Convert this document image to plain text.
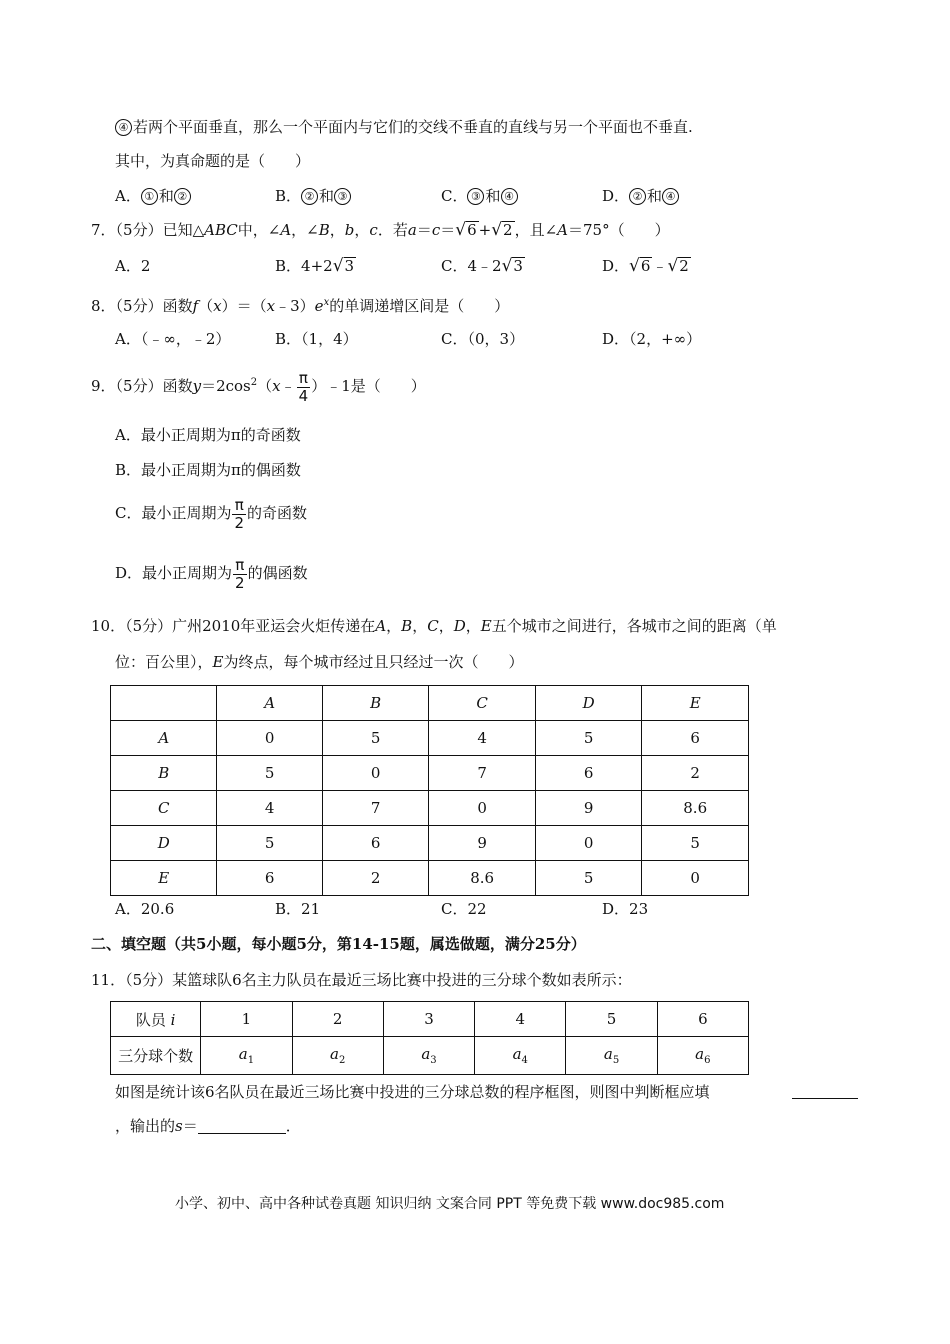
④ 若两个平面垂直，那么一个平面内与它们的交线不垂直的直线与另一个平面也不垂直.
其中，为真命题的是（　　）
A． ① 和 ②	B． ② 和 ③	C． ③ 和 ④	D． ② 和 ④
7．（5分）已知△ABC中，∠A，∠B，b，c．若a＝c＝√6 +√2 ，且∠A＝75°（　　）
A．2	B．4+2√3	C．4﹣2√3	D．√6 ﹣√2
8．（5分）函数$f(x)=(x﹣3)e^x$的单调递增区间是（　　）
A．（﹣∞，﹣2）	B．（1，4）	C．（0，3）	D．（2，+∞）
9．（5分）函数$y=2\cos^2(x﹣ \frac{\pi}{4}$ ）﹣1是（　　）
A．最小正周期为π的奇函数
B．最小正周期为π的偶函数
C．最小正周期为 $\frac{\pi}{2}$ 的奇函数
D．最小正周期为 $\frac{\pi}{2}$ 的偶函数
10．（5分）广州2010年亚运会火炬传递在A，B，C，D，E五个城市之间进行，各城市之间的距离（单
位：百公里），E为终点，每个城市经过且只经过一次（　　）
	A	B	C	D	E
A	0	5	4	5	6
B	5	0	7	6	2
C	4	7	0	9	8.6
D	5	6	9	0	5
E	6	2	8.6	5	0
A．20.6	B．21	C．22	D．23
二、填空题（共5小题，每小题5分，第14-15题，属选做题，满分25分）
11．（5分）某篮球队6名主力队员在最近三场比赛中投进的三分球个数如表所示：
队员 i	1	2	3	4	5	6
三分球个数	$a_1$	$a_2$	$a_3$	$a_4$	$a_5$	$a_6$
如图是统计该6名队员在最近三场比赛中投进的三分球总数的程序框图，则图中判断框应填
，输出的s＝	．
小学、初中、高中各种试卷真题 知识归纳 文案合同 PPT 等免费下载 www.doc985.com
